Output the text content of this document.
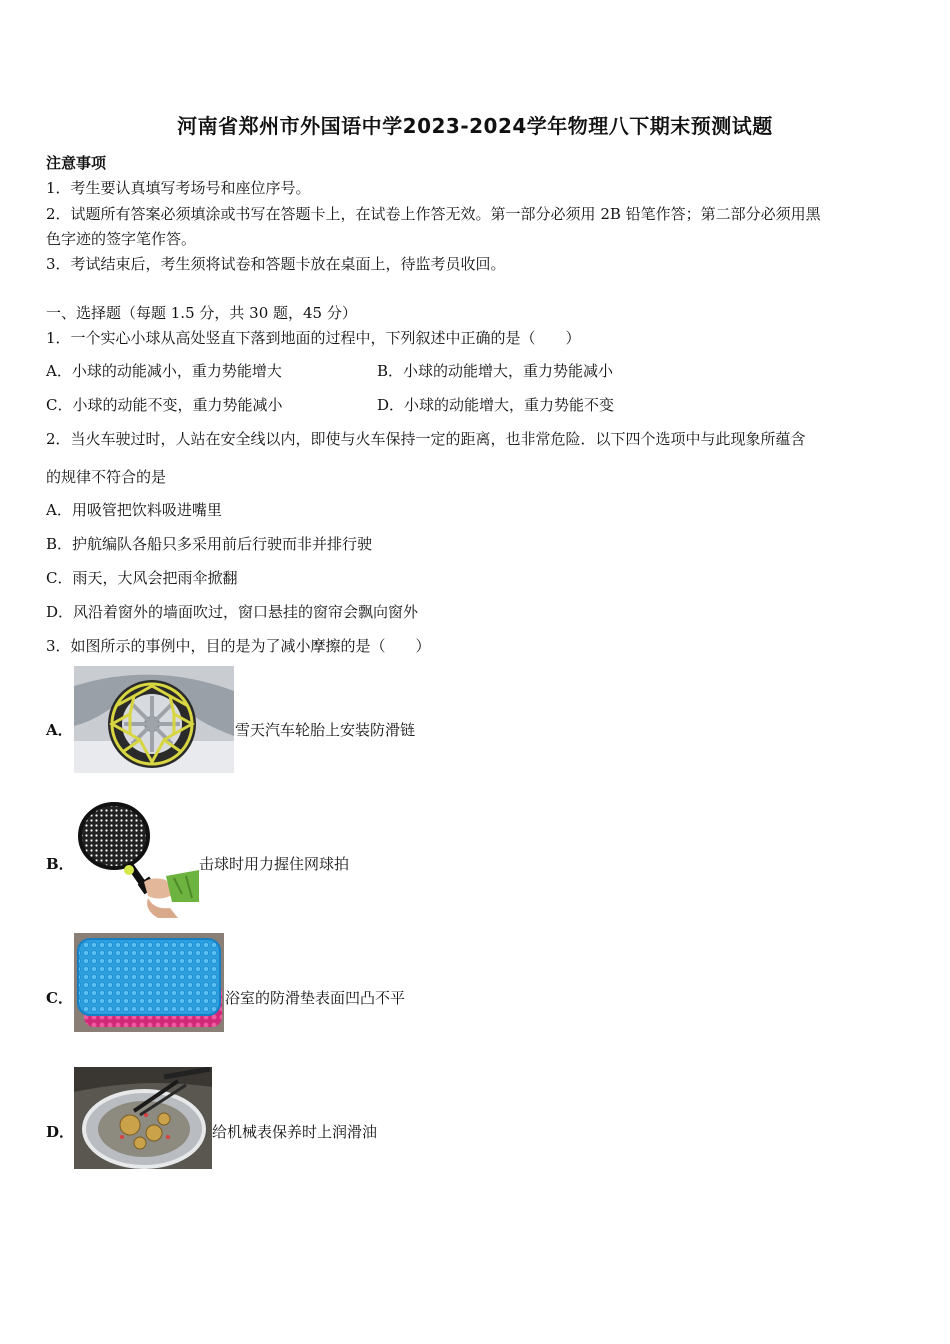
河南省郑州市外国语中学2023-2024学年物理八下期末预测试题
注意事项
1．考生要认真填写考场号和座位序号。
2．试题所有答案必须填涂或书写在答题卡上，在试卷上作答无效。第一部分必须用 2B 铅笔作答；第二部分必须用黑
色字迹的签字笔作答。
3．考试结束后，考生须将试卷和答题卡放在桌面上，待监考员收回。
一、选择题（每题 1.5 分，共 30 题，45 分）
1．一个实心小球从高处竖直下落到地面的过程中，下列叙述中正确的是（　　）
A．小球的动能减小，重力势能增大	B．小球的动能增大，重力势能减小
C．小球的动能不变，重力势能减小	D．小球的动能增大，重力势能不变
2．当火车驶过时，人站在安全线以内，即使与火车保持一定的距离，也非常危险．以下四个选项中与此现象所蕴含
的规律不符合的是
A．用吸管把饮料吸进嘴里
B．护航编队各船只多采用前后行驶而非并排行驶
C．雨天，大风会把雨伞掀翻
D．风沿着窗外的墙面吹过，窗口悬挂的窗帘会飘向窗外
3．如图所示的事例中，目的是为了减小摩擦的是（　　）
A．	雪天汽车轮胎上安装防滑链
B．	击球时用力握住网球拍
C．	浴室的防滑垫表面凹凸不平
D．	给机械表保养时上润滑油
